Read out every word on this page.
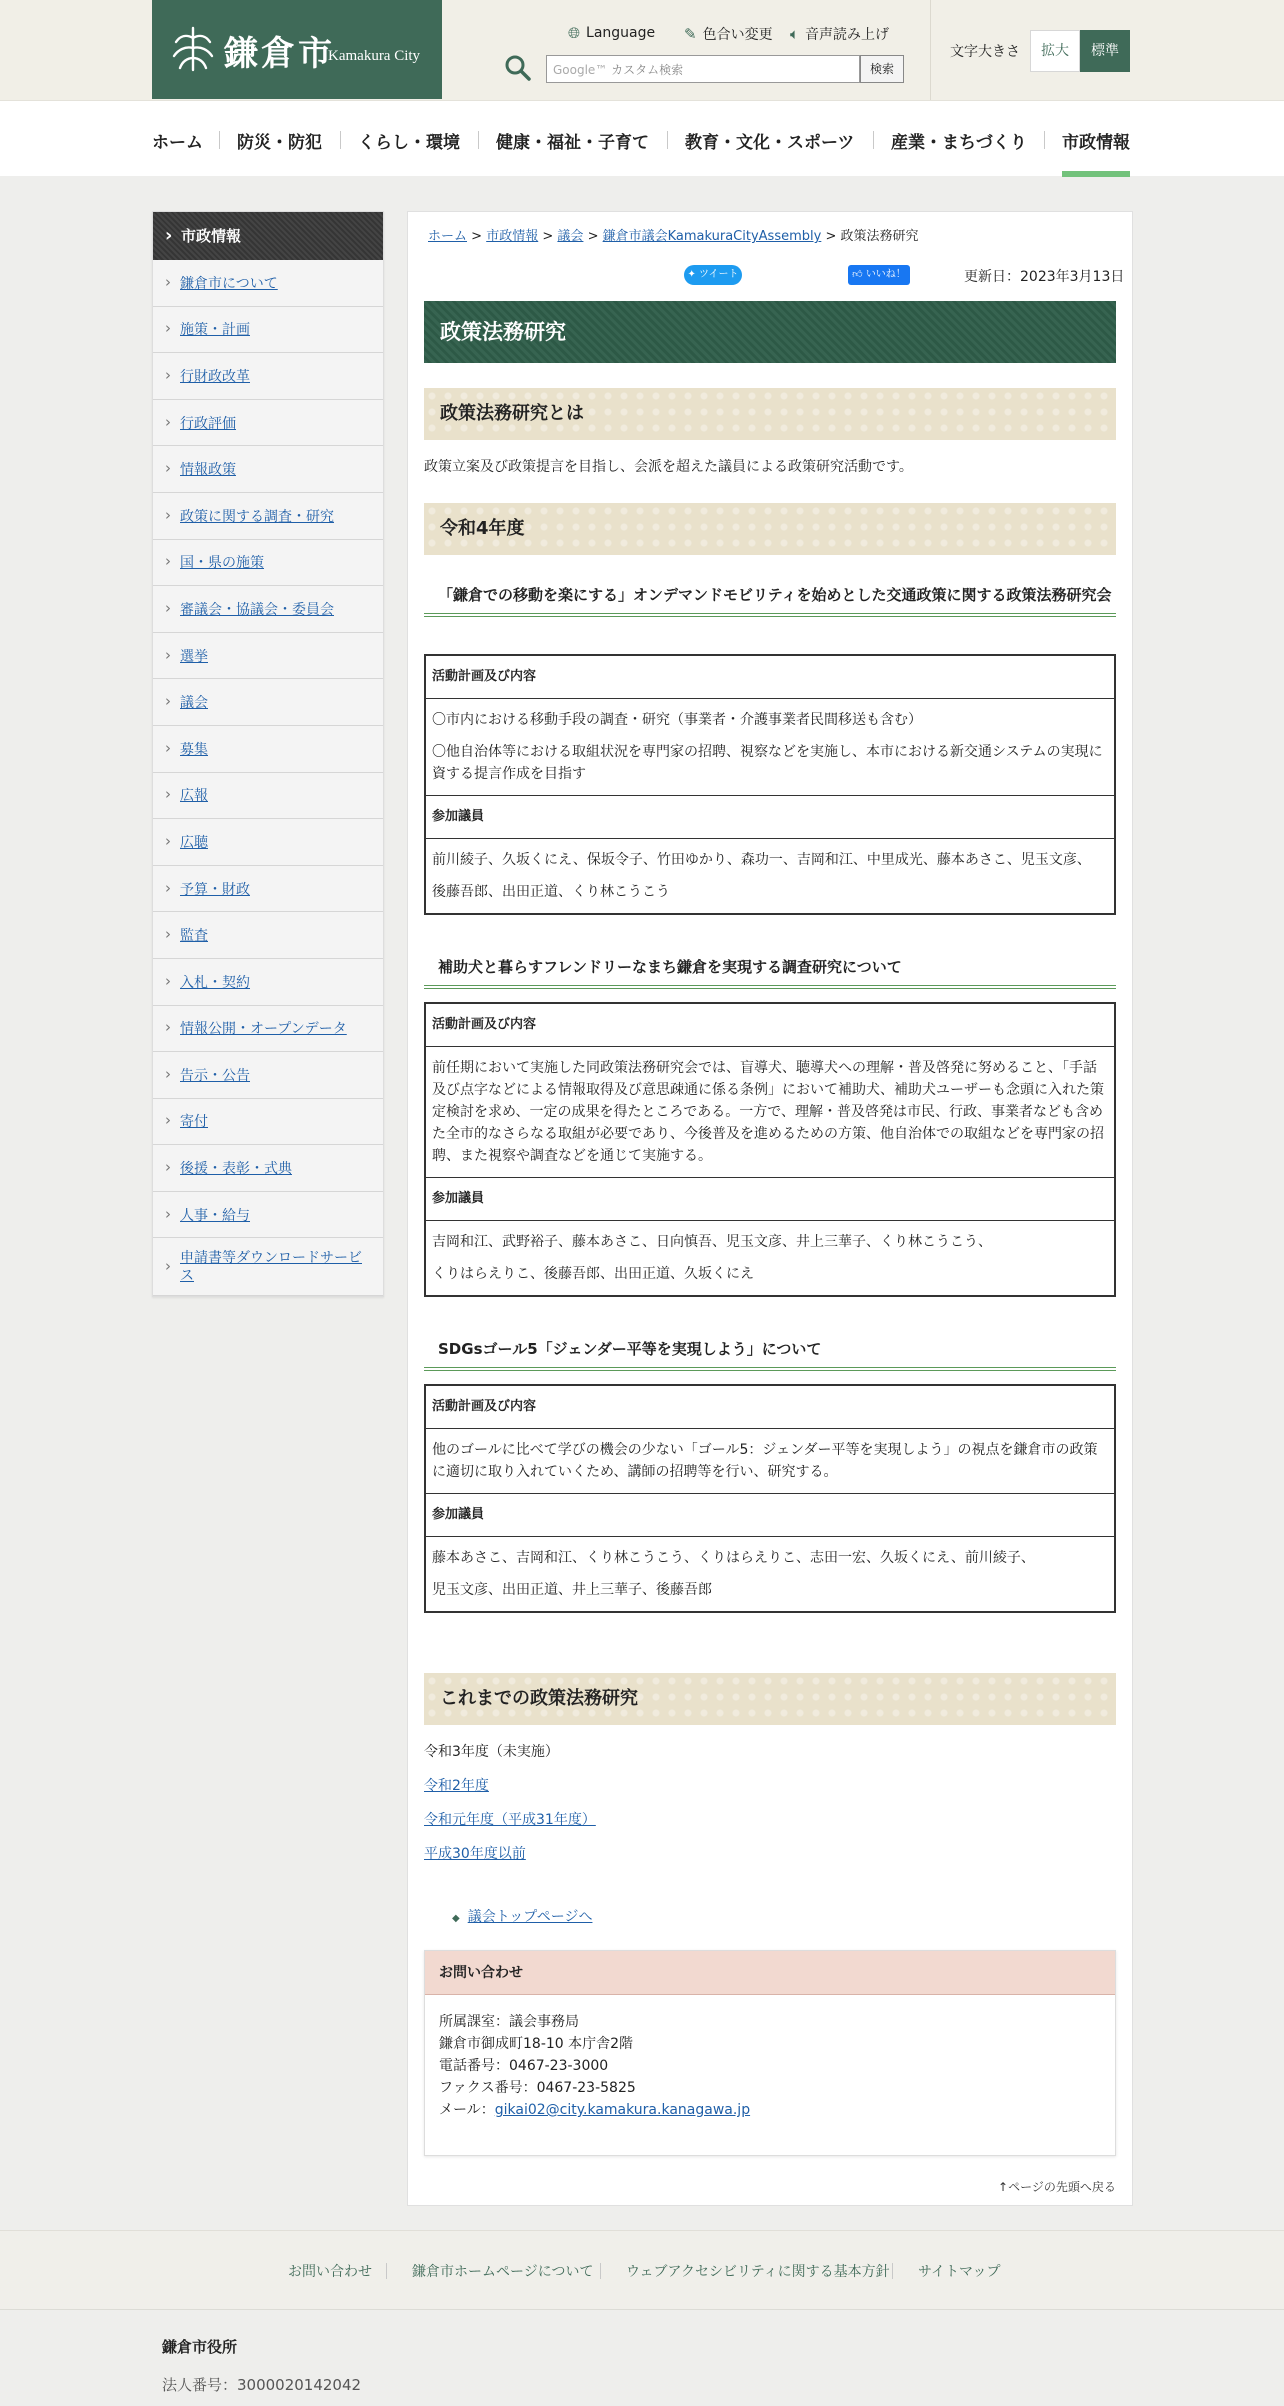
鎌倉市
Kamakura City
🌐︎ Language ✎ 色合い変更 🔈︎ 音声読み上げ
Google™ カスタム検索	検索
文字大きさ	拡大	標準
ホーム 防災・防犯 くらし・環境 健康・福祉・子育て 教育・文化・スポーツ 産業・まちづくり 市政情報
› 市政情報
› 鎌倉市について
› 施策・計画
› 行財政改革
› 行政評価
› 情報政策
› 政策に関する調査・研究
› 国・県の施策
› 審議会・協議会・委員会
› 選挙
› 議会
› 募集
› 広報
› 広聴
› 予算・財政
› 監査
› 入札・契約
› 情報公開・オープンデータ
› 告示・公告
› 寄付
› 後援・表彰・式典
› 人事・給与
› 申請書等ダウンロードサービス
ホーム > 市政情報 > 議会 > 鎌倉市議会KamakuraCityAssembly > 政策法務研究
✦ ツイート	👍︎ いいね！ 0
更新日：2023年3月13日
政策法務研究
政策法務研究とは
政策立案及び政策提言を目指し、会派を超えた議員による政策研究活動です。
令和4年度
「鎌倉での移動を楽にする」オンデマンドモビリティを始めとした交通政策に関する政策法務研究会
活動計画及び内容

〇市内における移動手段の調査・研究（事業者・介護事業者民間移送も含む）

〇他自治体等における取組状況を専門家の招聘、視察などを実施し、本市における新交通システムの実現に資する提言作成を目指す

参加議員

前川綾子、久坂くにえ、保坂令子、竹田ゆかり、森功一、吉岡和江、中里成光、藤本あさこ、児玉文彦、

後藤吾郎、出田正道、くり林こうこう

補助犬と暮らすフレンドリーなまち鎌倉を実現する調査研究について
活動計画及び内容

前任期において実施した同政策法務研究会では、盲導犬、聴導犬への理解・普及啓発に努めること、「手話及び点字などによる情報取得及び意思疎通に係る条例」において補助犬、補助犬ユーザーも念頭に入れた策定検討を求め、一定の成果を得たところである。一方で、理解・普及啓発は市民、行政、事業者なども含めた全市的なさらなる取組が必要であり、今後普及を進めるための方策、他自治体での取組などを専門家の招聘、また視察や調査などを通じて実施する。

参加議員

吉岡和江、武野裕子、藤本あさこ、日向慎吾、児玉文彦、井上三華子、くり林こうこう、

くりはらえりこ、後藤吾郎、出田正道、久坂くにえ

SDGsゴール5「ジェンダー平等を実現しよう」について
活動計画及び内容

他のゴールに比べて学びの機会の少ない「ゴール5：ジェンダー平等を実現しよう」の視点を鎌倉市の政策に適切に取り入れていくため、講師の招聘等を行い、研究する。

参加議員

藤本あさこ、吉岡和江、くり林こうこう、くりはらえりこ、志田一宏、久坂くにえ、前川綾子、

児玉文彦、出田正道、井上三華子、後藤吾郎

これまでの政策法務研究
令和3年度（未実施）
令和2年度
令和元年度（平成31年度）
平成30年度以前
◆ 議会トップページへ
お問い合わせ
所属課室：議会事務局
鎌倉市御成町18-10 本庁舎2階
電話番号：0467-23-3000
ファクス番号：0467-23-5825
メール：gikai02@city.kamakura.kanagawa.jp
↑ページの先頭へ戻る
お問い合わせ	鎌倉市ホームページについて ウェブアクセシビリティに関する基本方針 サイトマップ
鎌倉市役所
法人番号：3000020142042
